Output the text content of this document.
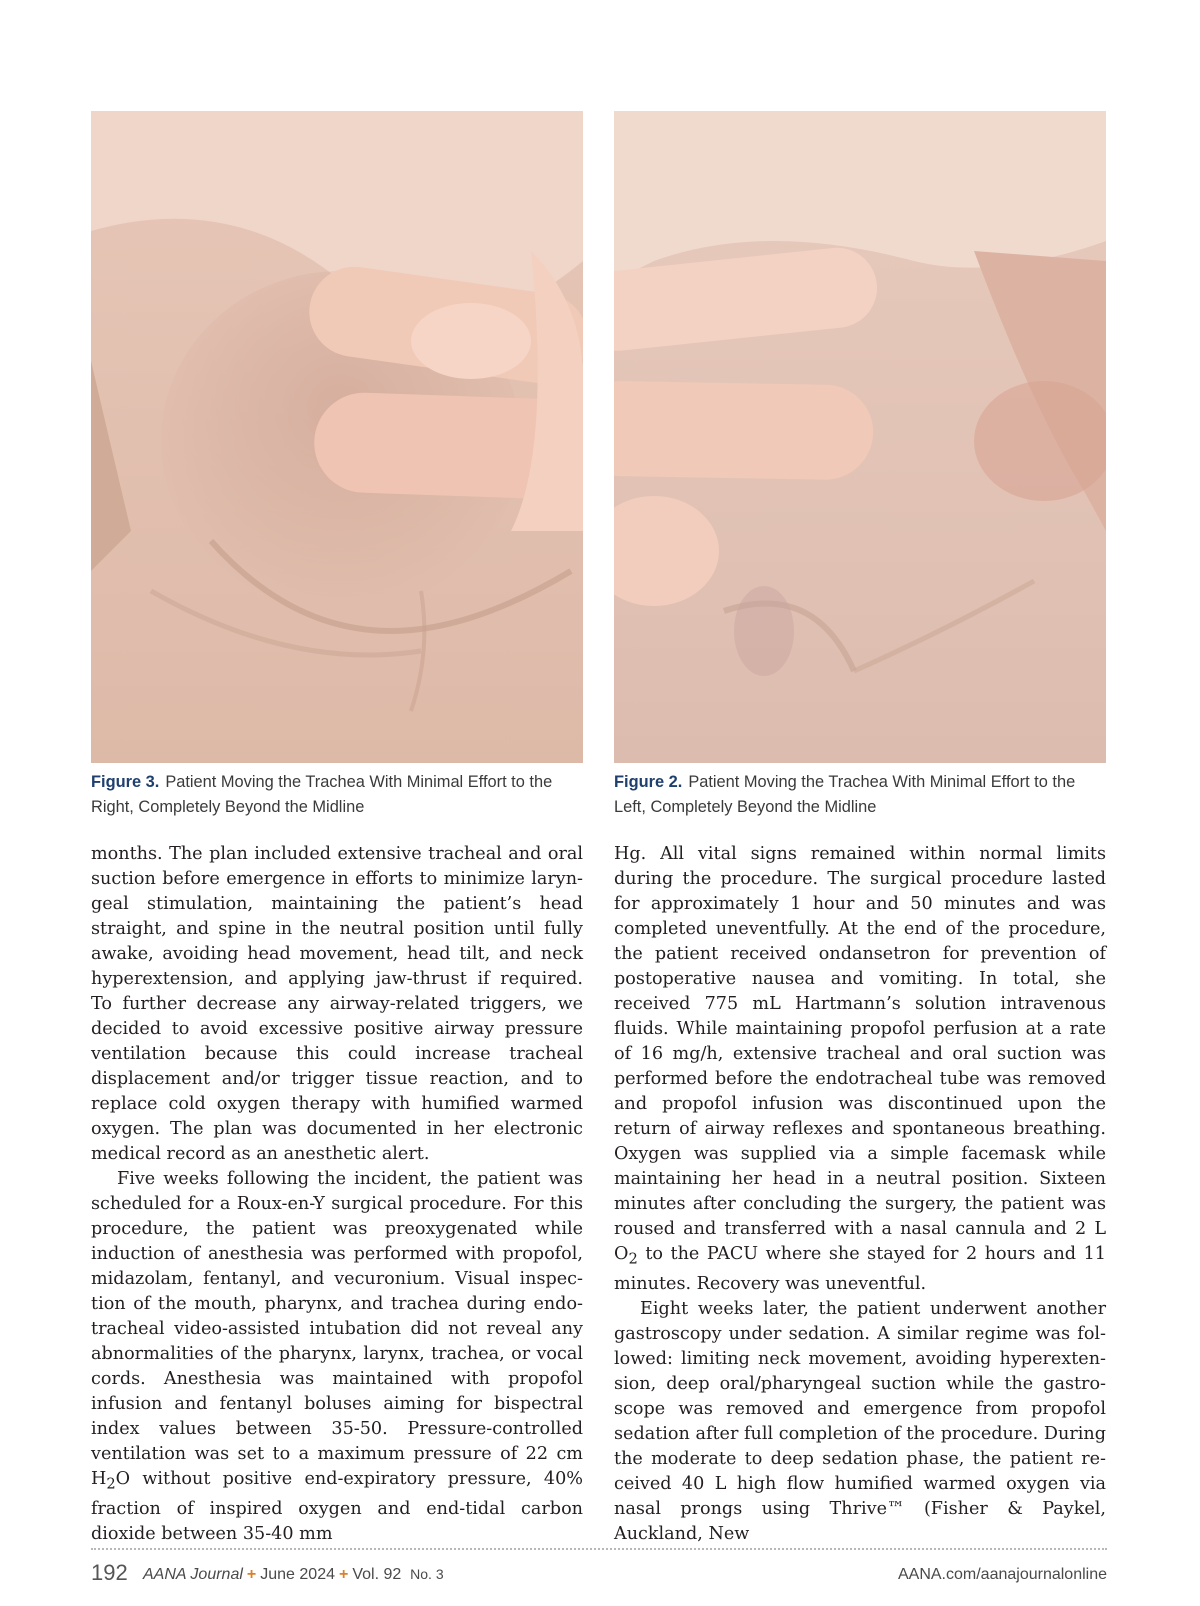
Figure 3. Patient Moving the Trachea With Minimal Effort to the Right, Completely Beyond the Midline
Figure 2. Patient Moving the Trachea With Minimal Effort to the Left, Completely Beyond the Midline

months. The plan included extensive tracheal and oral suction before emergence in efforts to minimize laryngeal stimulation, maintaining the patient’s head straight, and spine in the neutral position until fully awake, avoiding head movement, head tilt, and neck hyperextension, and applying jaw-thrust if required. To further decrease any airway-related triggers, we decided to avoid excessive positive airway pressure ventilation because this could increase tracheal displacement and/or trigger tissue reaction, and to replace cold oxygen therapy with humified warmed oxygen. The plan was documented in her electronic medical record as an anesthetic alert.

Five weeks following the incident, the patient was scheduled for a Roux-en-Y surgical procedure. For this procedure, the patient was preoxygenated while induction of anesthesia was performed with propofol, midazolam, fentanyl, and vecuronium. Visual inspection of the mouth, pharynx, and trachea during endotracheal video-assisted intubation did not reveal any abnormalities of the pharynx, larynx, trachea, or vocal cords. Anesthesia was maintained with propofol infusion and fentanyl boluses aiming for bispectral index values between 35-50. Pressure-controlled ventilation was set to a maximum pressure of 22 cm $H_2O$ without positive end-expiratory pressure, 40% fraction of inspired oxygen and end-tidal carbon dioxide between 35-40 mm

Hg. All vital signs remained within normal limits during the procedure. The surgical procedure lasted for approximately 1 hour and 50 minutes and was completed uneventfully. At the end of the procedure, the patient received ondansetron for prevention of postoperative nausea and vomiting. In total, she received 775 mL Hartmann’s solution intravenous fluids. While maintaining propofol perfusion at a rate of 16 mg/h, extensive tracheal and oral suction was performed before the endotracheal tube was removed and propofol infusion was discontinued upon the return of airway reflexes and spontaneous breathing. Oxygen was supplied via a simple facemask while maintaining her head in a neutral position. Sixteen minutes after concluding the surgery, the patient was roused and transferred with a nasal cannula and 2 L $O_2$ to the PACU where she stayed for 2 hours and 11 minutes. Recovery was uneventful.

Eight weeks later, the patient underwent another gastroscopy under sedation. A similar regime was followed: limiting neck movement, avoiding hyperextension, deep oral/pharyngeal suction while the gastroscope was removed and emergence from propofol sedation after full completion of the procedure. During the moderate to deep sedation phase, the patient received 40 L high flow humified warmed oxygen via nasal prongs using Thrive™ (Fisher & Paykel, Auckland, New

192 AANA Journal + June 2024 + Vol. 92 No. 3	AANA.com/aanajournalonline
